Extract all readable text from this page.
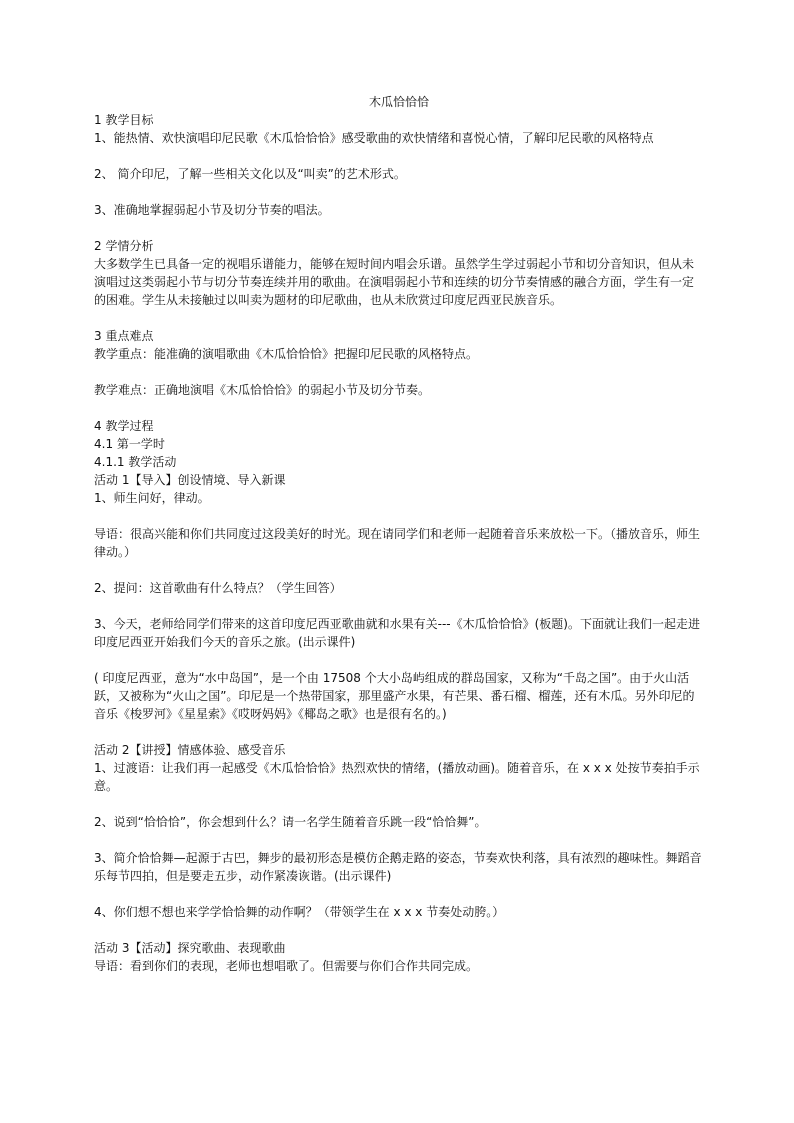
木瓜恰恰恰

1 教学目标

1、能热情、欢快演唱印尼民歌《木瓜恰恰恰》感受歌曲的欢快情绪和喜悦心情，了解印尼民歌的风格特点

2、 简介印尼，了解一些相关文化以及“叫卖”的艺术形式。

3、准确地掌握弱起小节及切分节奏的唱法。

2 学情分析

大多数学生已具备一定的视唱乐谱能力，能够在短时间内唱会乐谱。虽然学生学过弱起小节和切分音知识，但从未演唱过这类弱起小节与切分节奏连续并用的歌曲。在演唱弱起小节和连续的切分节奏情感的融合方面，学生有一定的困难。学生从未接触过以叫卖为题材的印尼歌曲，也从未欣赏过印度尼西亚民族音乐。

3 重点难点

教学重点：能准确的演唱歌曲《木瓜恰恰恰》把握印尼民歌的风格特点。

教学难点：正确地演唱《木瓜恰恰恰》的弱起小节及切分节奏。

4 教学过程

4.1 第一学时

4.1.1 教学活动

活动 1【导入】创设情境、导入新课

1、师生问好，律动。

导语：很高兴能和你们共同度过这段美好的时光。现在请同学们和老师一起随着音乐来放松一下。（播放音乐，师生律动。）

2、提问：这首歌曲有什么特点？（学生回答）

3、今天，老师给同学们带来的这首印度尼西亚歌曲就和水果有关---《木瓜恰恰恰》(板题)。下面就让我们一起走进印度尼西亚开始我们今天的音乐之旅。(出示课件)

( 印度尼西亚，意为“水中岛国”，是一个由 17508 个大小岛屿组成的群岛国家，又称为“千岛之国”。由于火山活跃，又被称为“火山之国”。印尼是一个热带国家，那里盛产水果，有芒果、番石榴、榴莲，还有木瓜。另外印尼的音乐《梭罗河》《星星索》《哎呀妈妈》《椰岛之歌》也是很有名的。)

活动 2【讲授】情感体验、感受音乐

1、过渡语：让我们再一起感受《木瓜恰恰恰》热烈欢快的情绪，(播放动画)。随着音乐，在 x x x 处按节奏拍手示意。

2、说到“恰恰恰”，你会想到什么？请一名学生随着音乐跳一段“恰恰舞”。

3、简介恰恰舞—起源于古巴，舞步的最初形态是模仿企鹅走路的姿态，节奏欢快利落，具有浓烈的趣味性。舞蹈音乐每节四拍，但是要走五步，动作紧凑诙谐。(出示课件)

4、你们想不想也来学学恰恰舞的动作啊？（带领学生在 x x x 节奏处动胯。）

活动 3【活动】探究歌曲、表现歌曲

导语：看到你们的表现，老师也想唱歌了。但需要与你们合作共同完成。
